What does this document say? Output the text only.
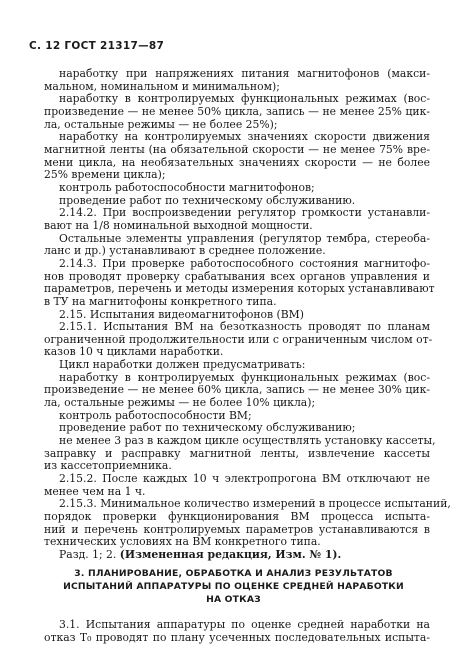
С. 12 ГОСТ 21317—87
наработку при напряжениях питания магнитофонов (макси-
мальном, номинальном и минимальном);
наработку в контролируемых функциональных режимах (вос-
произведение — не менее 50% цикла, запись — не менее 25% цик-
ла, остальные режимы — не более 25%);
наработку на контролируемых значениях скорости движения
магнитной ленты (на обязательной скорости — не менее 75% вре-
мени цикла, на необязательных значениях скорости — не более
25% времени цикла);
контроль работоспособности магнитофонов;
проведение работ по техническому обслуживанию.
2.14.2. При воспроизведении регулятор громкости устанавли-
вают на 1/8 номинальной выходной мощности.
Остальные элементы управления (регулятор тембра, стереоба-
ланс и др.) устанавливают в среднее положение.
2.14.3. При проверке работоспособного состояния магнитофо-
нов проводят проверку срабатывания всех органов управления и
параметров, перечень и методы измерения которых устанавливают
в ТУ на магнитофоны конкретного типа.
2.15. Испытания видеомагнитофонов (ВМ)
2.15.1. Испытания ВМ на безотказность проводят по планам
ограниченной продолжительности или с ограниченным числом от-
казов 10 ч циклами наработки.
Цикл наработки должен предусматривать:
наработку в контролируемых функциональных режимах (вос-
произведение — не менее 60% цикла, запись — не менее 30% цик-
ла, остальные режимы — не более 10% цикла);
контроль работоспособности ВМ;
проведение работ по техническому обслуживанию;
не менее 3 раз в каждом цикле осуществлять установку кассеты,
заправку и расправку магнитной ленты, извлечение кассеты
из кассетоприемника.
2.15.2. После каждых 10 ч электропрогона ВМ отключают не
менее чем на 1 ч.
2.15.3. Минимальное количество измерений в процессе испытаний,
порядок проверки функционирования ВМ процесса испыта-
ний и перечень контролируемых параметров устанавливаются в
технических условиях на ВМ конкретного типа.
Разд. 1; 2. (Измененная редакция, Изм. № 1).
3. ПЛАНИРОВАНИЕ, ОБРАБОТКА И АНАЛИЗ РЕЗУЛЬТАТОВ
ИСПЫТАНИЙ АППАРАТУРЫ ПО ОЦЕНКЕ СРЕДНЕЙ НАРАБОТКИ
НА ОТКАЗ
3.1. Испытания аппаратуры по оценке средней наработки на
отказ T₀ проводят по плану усеченных последовательных испыта-
